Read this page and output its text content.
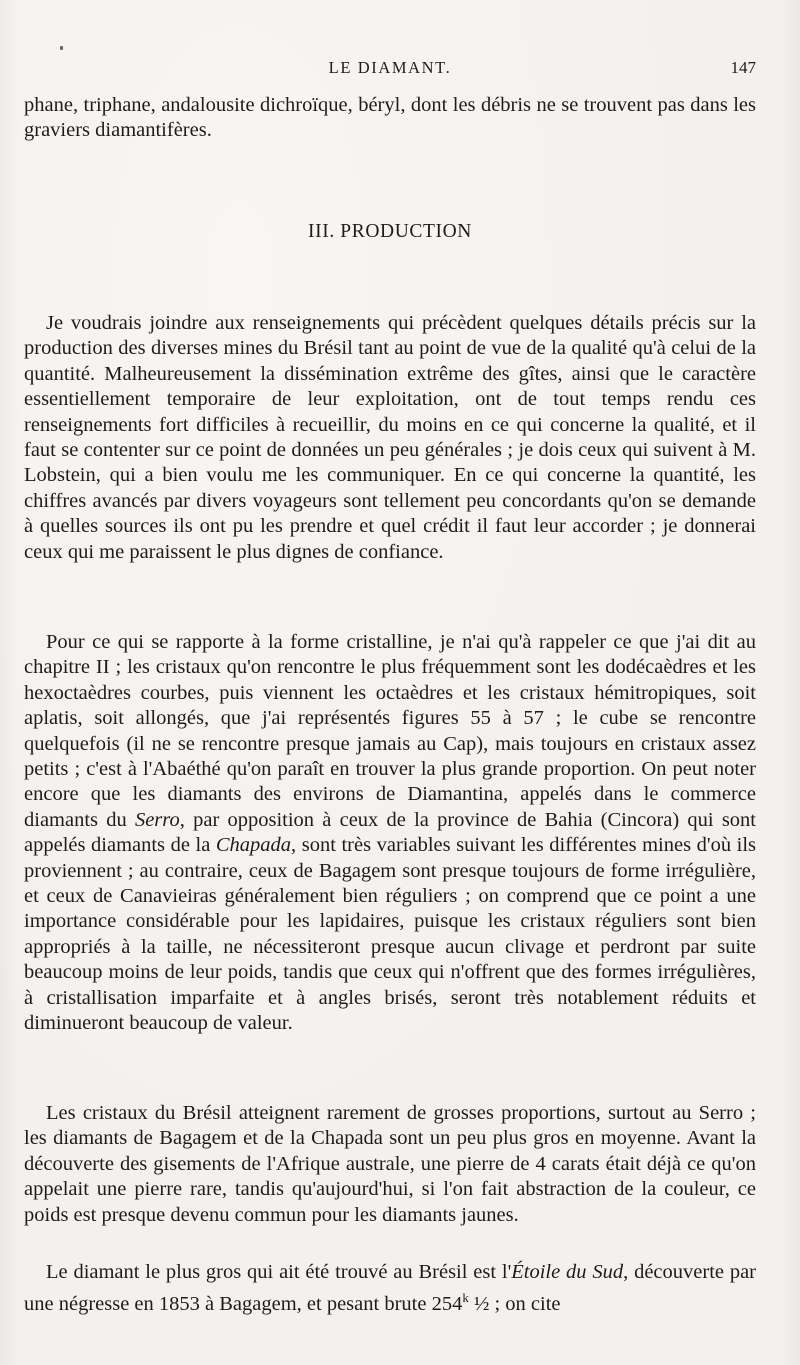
LE DIAMANT.	147

phane, triphane, andalousite dichroïque, béryl, dont les débris ne se trouvent pas dans les graviers diamantifères.

III. PRODUCTION

Je voudrais joindre aux renseignements qui précèdent quelques détails précis sur la production des diverses mines du Brésil tant au point de vue de la qualité qu'à celui de la quantité. Malheureusement la dissémination extrême des gîtes, ainsi que le caractère essentiellement temporaire de leur exploitation, ont de tout temps rendu ces renseignements fort difficiles à recueillir, du moins en ce qui concerne la qualité, et il faut se contenter sur ce point de données un peu générales ; je dois ceux qui suivent à M. Lobstein, qui a bien voulu me les communiquer. En ce qui concerne la quantité, les chiffres avancés par divers voyageurs sont tellement peu concordants qu'on se demande à quelles sources ils ont pu les prendre et quel crédit il faut leur accorder ; je donnerai ceux qui me paraissent le plus dignes de confiance.

Pour ce qui se rapporte à la forme cristalline, je n'ai qu'à rappeler ce que j'ai dit au chapitre II ; les cristaux qu'on rencontre le plus fréquemment sont les dodécaèdres et les hexoctaèdres courbes, puis viennent les octaèdres et les cristaux hémitropiques, soit aplatis, soit allongés, que j'ai représentés figures 55 à 57 ; le cube se rencontre quelquefois (il ne se rencontre presque jamais au Cap), mais toujours en cristaux assez petits ; c'est à l'Abaéthé qu'on paraît en trouver la plus grande proportion. On peut noter encore que les diamants des environs de Diamantina, appelés dans le commerce diamants du Serro, par opposition à ceux de la province de Bahia (Cincora) qui sont appelés diamants de la Chapada, sont très variables suivant les différentes mines d'où ils proviennent ; au contraire, ceux de Bagagem sont presque toujours de forme irrégulière, et ceux de Canavieiras généralement bien réguliers ; on comprend que ce point a une importance considérable pour les lapidaires, puisque les cristaux réguliers sont bien appropriés à la taille, ne nécessiteront presque aucun clivage et perdront par suite beaucoup moins de leur poids, tandis que ceux qui n'offrent que des formes irrégulières, à cristallisation imparfaite et à angles brisés, seront très notablement réduits et diminueront beaucoup de valeur.

Les cristaux du Brésil atteignent rarement de grosses proportions, surtout au Serro ; les diamants de Bagagem et de la Chapada sont un peu plus gros en moyenne. Avant la découverte des gisements de l'Afrique australe, une pierre de 4 carats était déjà ce qu'on appelait une pierre rare, tandis qu'aujourd'hui, si l'on fait abstraction de la couleur, ce poids est presque devenu commun pour les diamants jaunes.

Le diamant le plus gros qui ait été trouvé au Brésil est l'Étoile du Sud, découverte par une négresse en 1853 à Bagagem, et pesant brute 254$^k$ ½ ; on cite
